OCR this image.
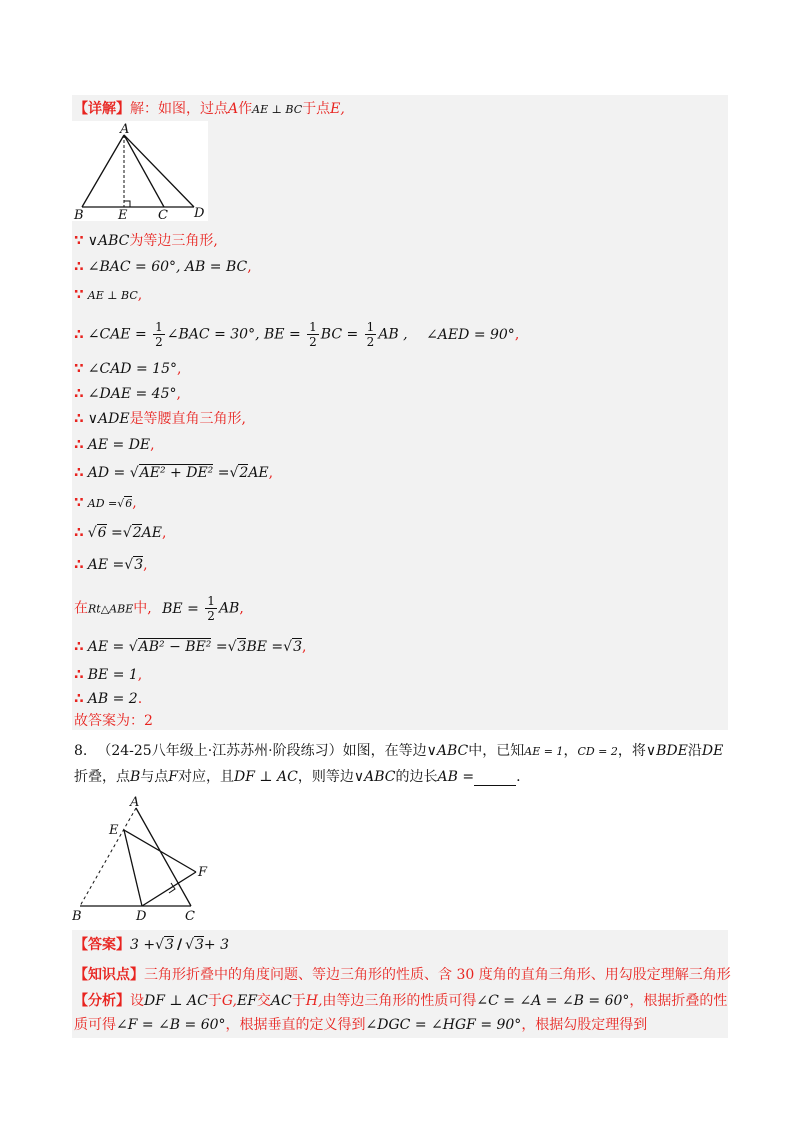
【详解】解：如图，过点A作AE ⊥ BC于点E,
A
B	E C D
∵ ∨ABC为等边三角形,
∴ ∠BAC = 60°, AB = BC,
∵ AE ⊥ BC,
∴ ∠CAE = $\frac{1}{2}$ ∠BAC = 30°, BE = $\frac{1}{2}$ BC = $\frac{1}{2}$ AB , ∠AED = 90°,
∵ ∠CAD = 15°,
∴ ∠DAE = 45°,
∴ ∨ADE是等腰直角三角形,
∴ AE = DE,
∴ AD = √AE² + DE² =√2AE,
∵ AD =√6,
∴ √6 =√2AE,
∴ AE =√3,
在Rt△ABE中, BE = $\frac{1}{2}$ AB,
∴ AE = √AB² − BE² =√3BE =√3,
∴ BE = 1,
∴ AB = 2.
故答案为：2
8. （24-25八年级上·江苏苏州·阶段练习）如图，在等边∨ABC中，已知AE = 1，CD = 2，将∨BDE沿DE
折叠，点B与点F对应，且DF ⊥ AC，则等边∨ABC的边长AB =	.
A
E
F
B	D	C
【答案】3 +√3 / √3+ 3
【知识点】三角形折叠中的角度问题、等边三角形的性质、含 30 度角的直角三角形、用勾股定理解三角形
【分析】设DF ⊥ AC于G,EF交AC于H,由等边三角形的性质可得∠C = ∠A = ∠B = 60°，根据折叠的性
质可得∠F = ∠B = 60°，根据垂直的定义得到∠DGC = ∠HGF = 90°，根据勾股定理得到
